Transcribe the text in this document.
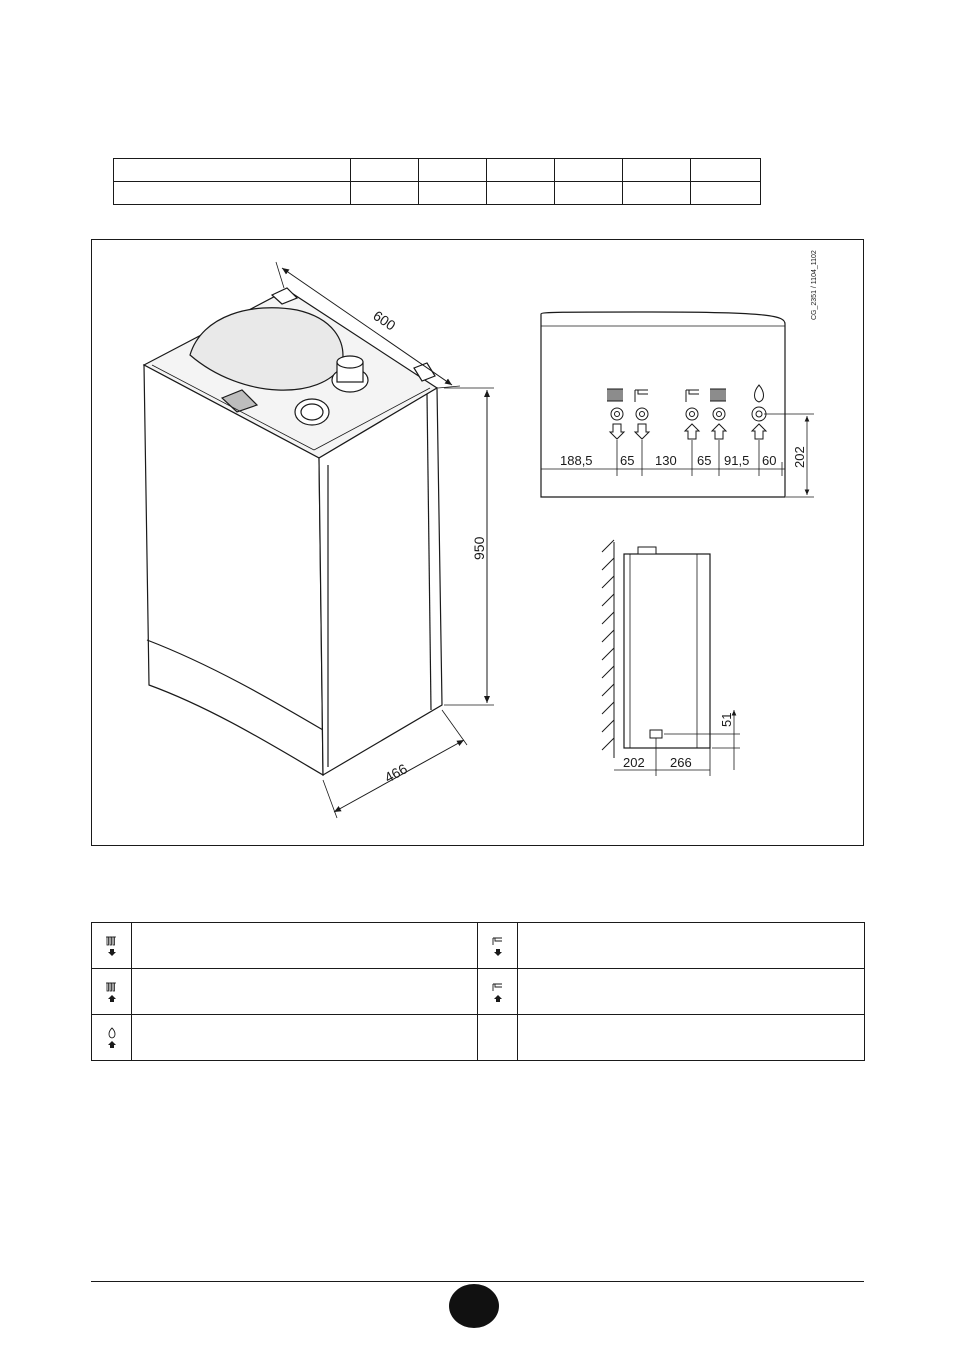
600
950
466
CG_2351 / 1104_1102
188,5 65 130 65 91,5 60 202
202 266
51
